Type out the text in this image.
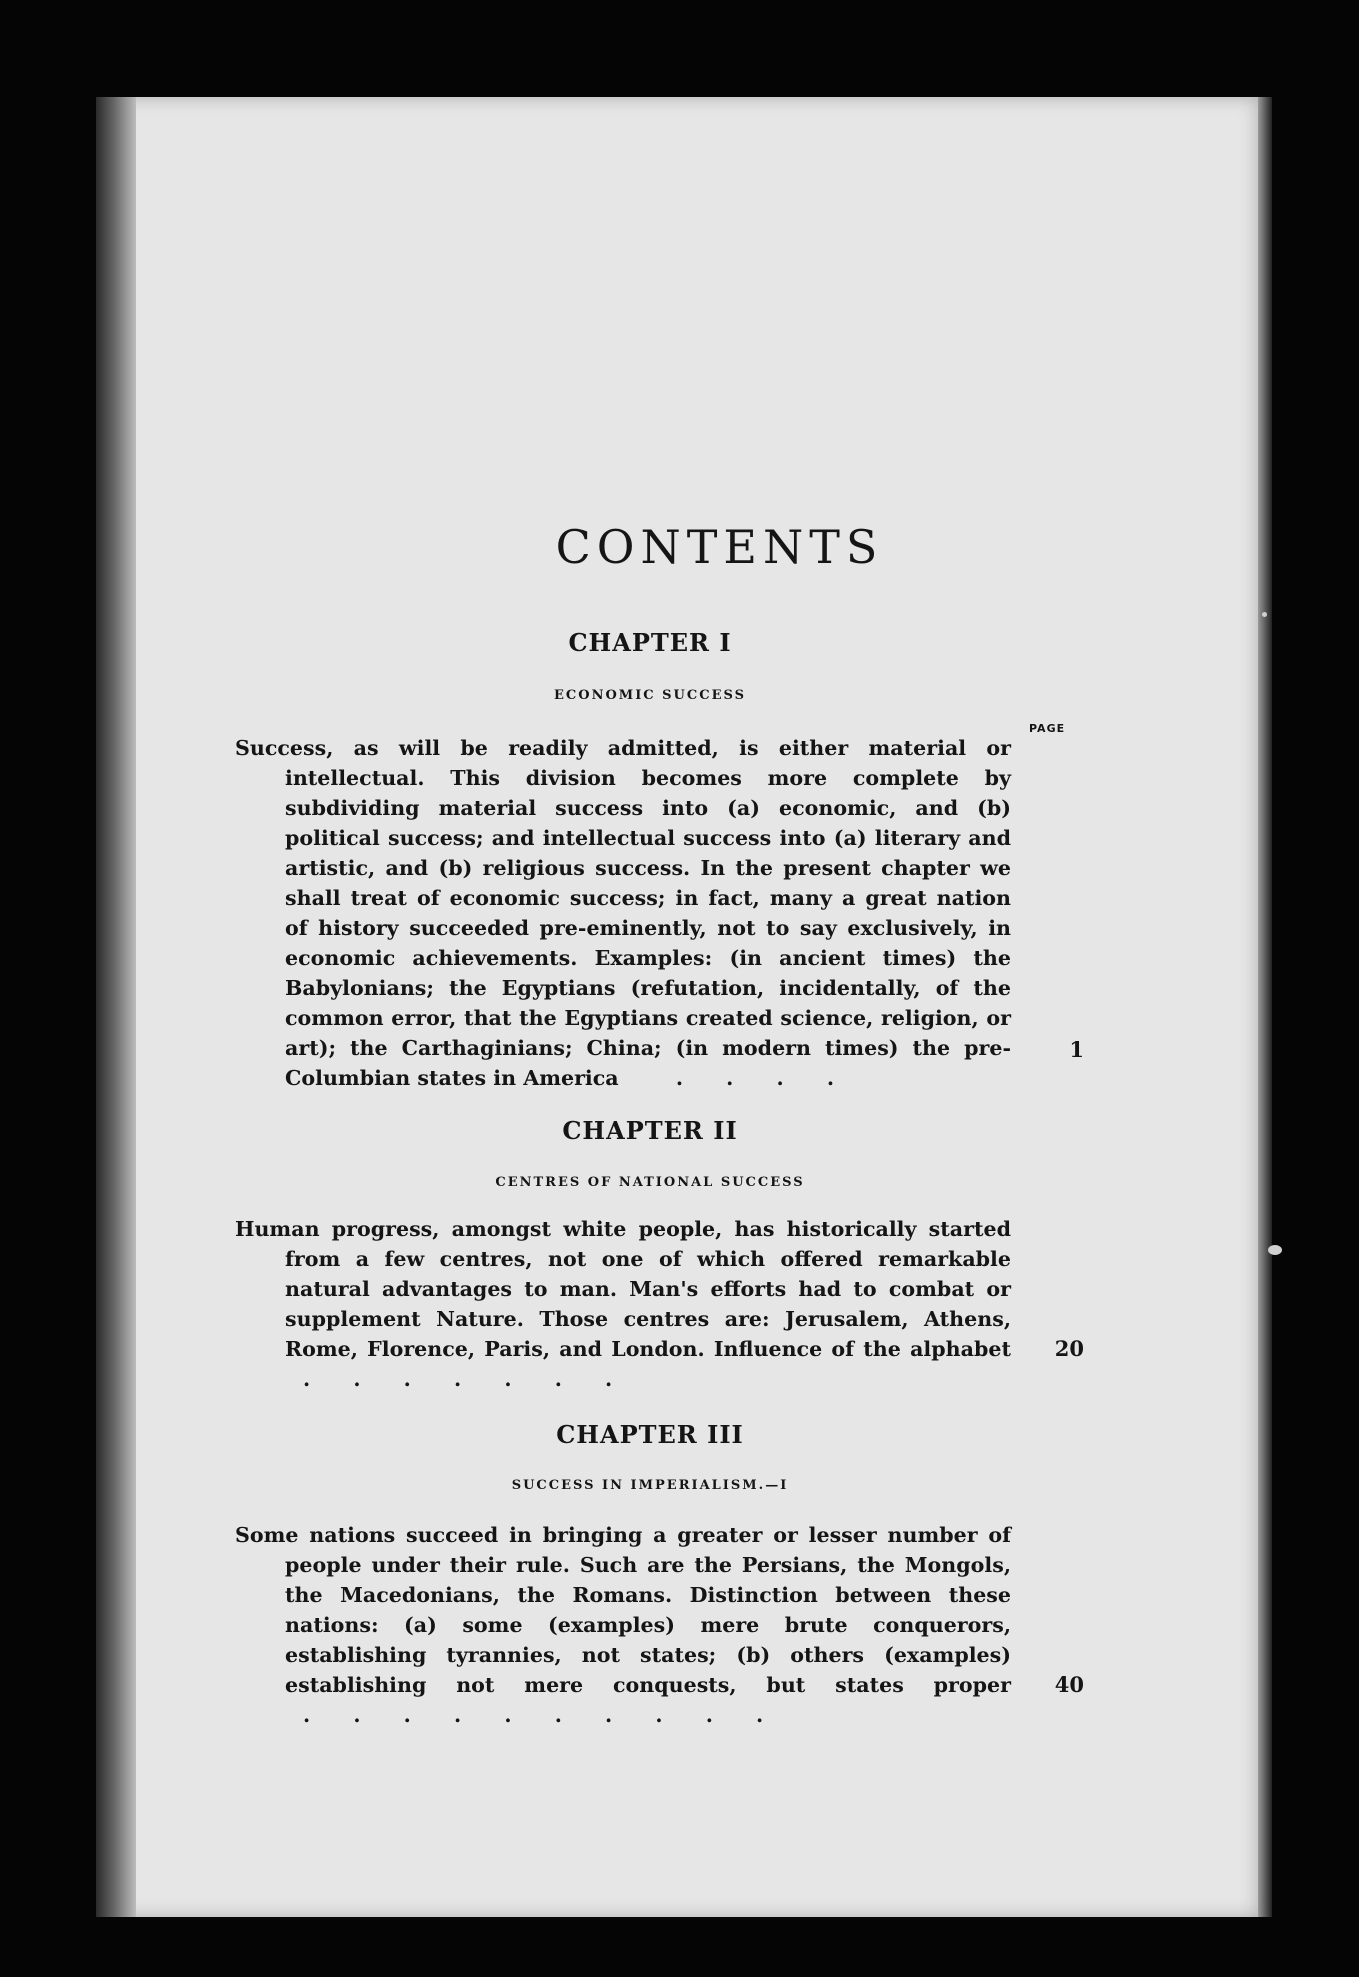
CONTENTS
CHAPTER I
ECONOMIC SUCCESS
PAGE
Success, as will be readily admitted, is either material or intellectual. This division becomes more complete by subdividing material success into (a) economic, and (b) political success; and intellectual success into (a) literary and artistic, and (b) religious success. In the present chapter we shall treat of economic success; in fact, many a great nation of history succeeded pre-eminently, not to say exclusively, in economic achievements. Examples: (in ancient times) the Babylonians; the Egyptians (refutation, incidentally, of the common error, that the Egyptians created science, religion, or art); the Carthaginians; China; (in modern times) the pre-Columbian states in America	. . . .
1
CHAPTER II
CENTRES OF NATIONAL SUCCESS
Human progress, amongst white people, has historically started from a few centres, not one of which offered remarkable natural advantages to man. Man's efforts had to combat or supplement Nature. Those centres are: Jerusalem, Athens, Rome, Florence, Paris, and London. Influence of the alphabet . . . . . . .
20
CHAPTER III
SUCCESS IN IMPERIALISM.—I
Some nations succeed in bringing a greater or lesser number of people under their rule. Such are the Persians, the Mongols, the Macedonians, the Romans. Distinction between these nations: (a) some (examples) mere brute conquerors, establishing tyrannies, not states; (b) others (examples) establishing not mere conquests, but states proper . . . . . . . . . .
40
